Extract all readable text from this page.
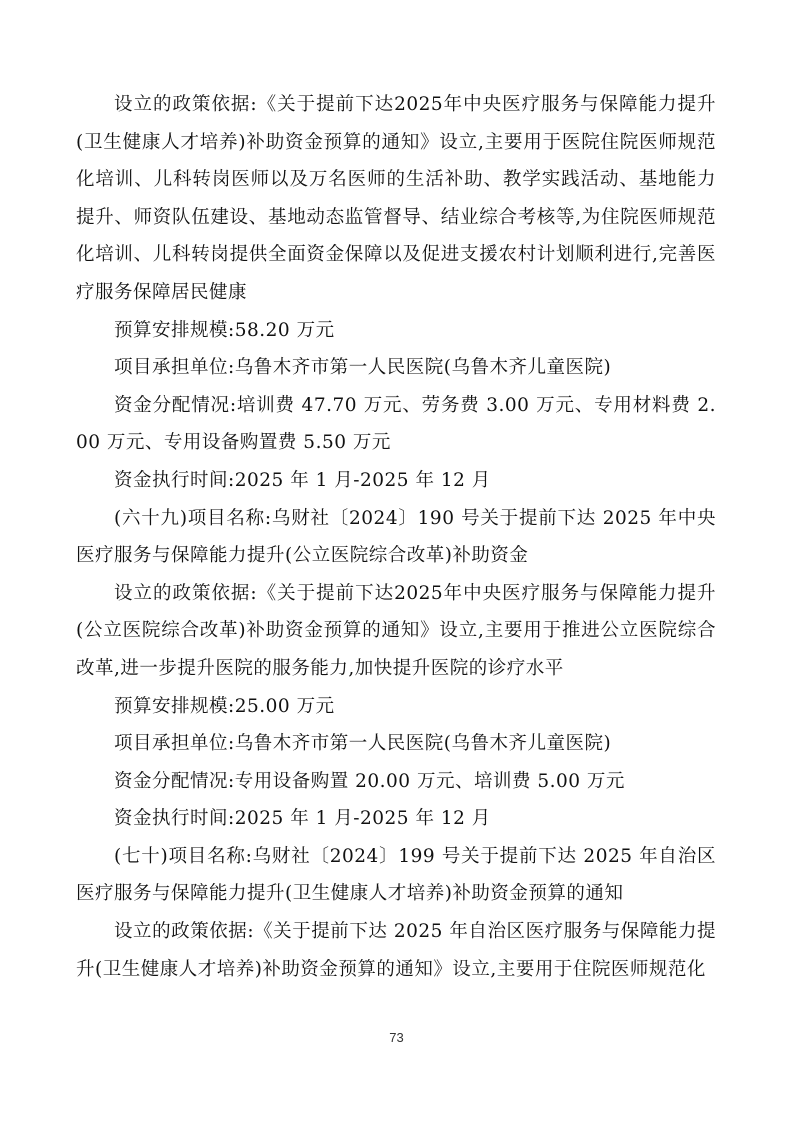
设立的政策依据:《关于提前下达2025年中央医疗服务与保障能力提升(卫生健康人才培养)补助资金预算的通知》设立,主要用于医院住院医师规范化培训、儿科转岗医师以及万名医师的生活补助、教学实践活动、基地能力提升、师资队伍建设、基地动态监管督导、结业综合考核等,为住院医师规范化培训、儿科转岗提供全面资金保障以及促进支援农村计划顺利进行,完善医疗服务保障居民健康

预算安排规模:58.20 万元

项目承担单位:乌鲁木齐市第一人民医院(乌鲁木齐儿童医院)

资金分配情况:培训费 47.70 万元、劳务费 3.00 万元、专用材料费 2.00 万元、专用设备购置费 5.50 万元

资金执行时间:2025 年 1 月-2025 年 12 月

(六十九)项目名称:乌财社〔2024〕190 号关于提前下达 2025 年中央医疗服务与保障能力提升(公立医院综合改革)补助资金

设立的政策依据:《关于提前下达2025年中央医疗服务与保障能力提升(公立医院综合改革)补助资金预算的通知》设立,主要用于推进公立医院综合改革,进一步提升医院的服务能力,加快提升医院的诊疗水平

预算安排规模:25.00 万元

项目承担单位:乌鲁木齐市第一人民医院(乌鲁木齐儿童医院)

资金分配情况:专用设备购置 20.00 万元、培训费 5.00 万元

资金执行时间:2025 年 1 月-2025 年 12 月

(七十)项目名称:乌财社〔2024〕199 号关于提前下达 2025 年自治区医疗服务与保障能力提升(卫生健康人才培养)补助资金预算的通知

设立的政策依据:《关于提前下达 2025 年自治区医疗服务与保障能力提升(卫生健康人才培养)补助资金预算的通知》设立,主要用于住院医师规范化

73
